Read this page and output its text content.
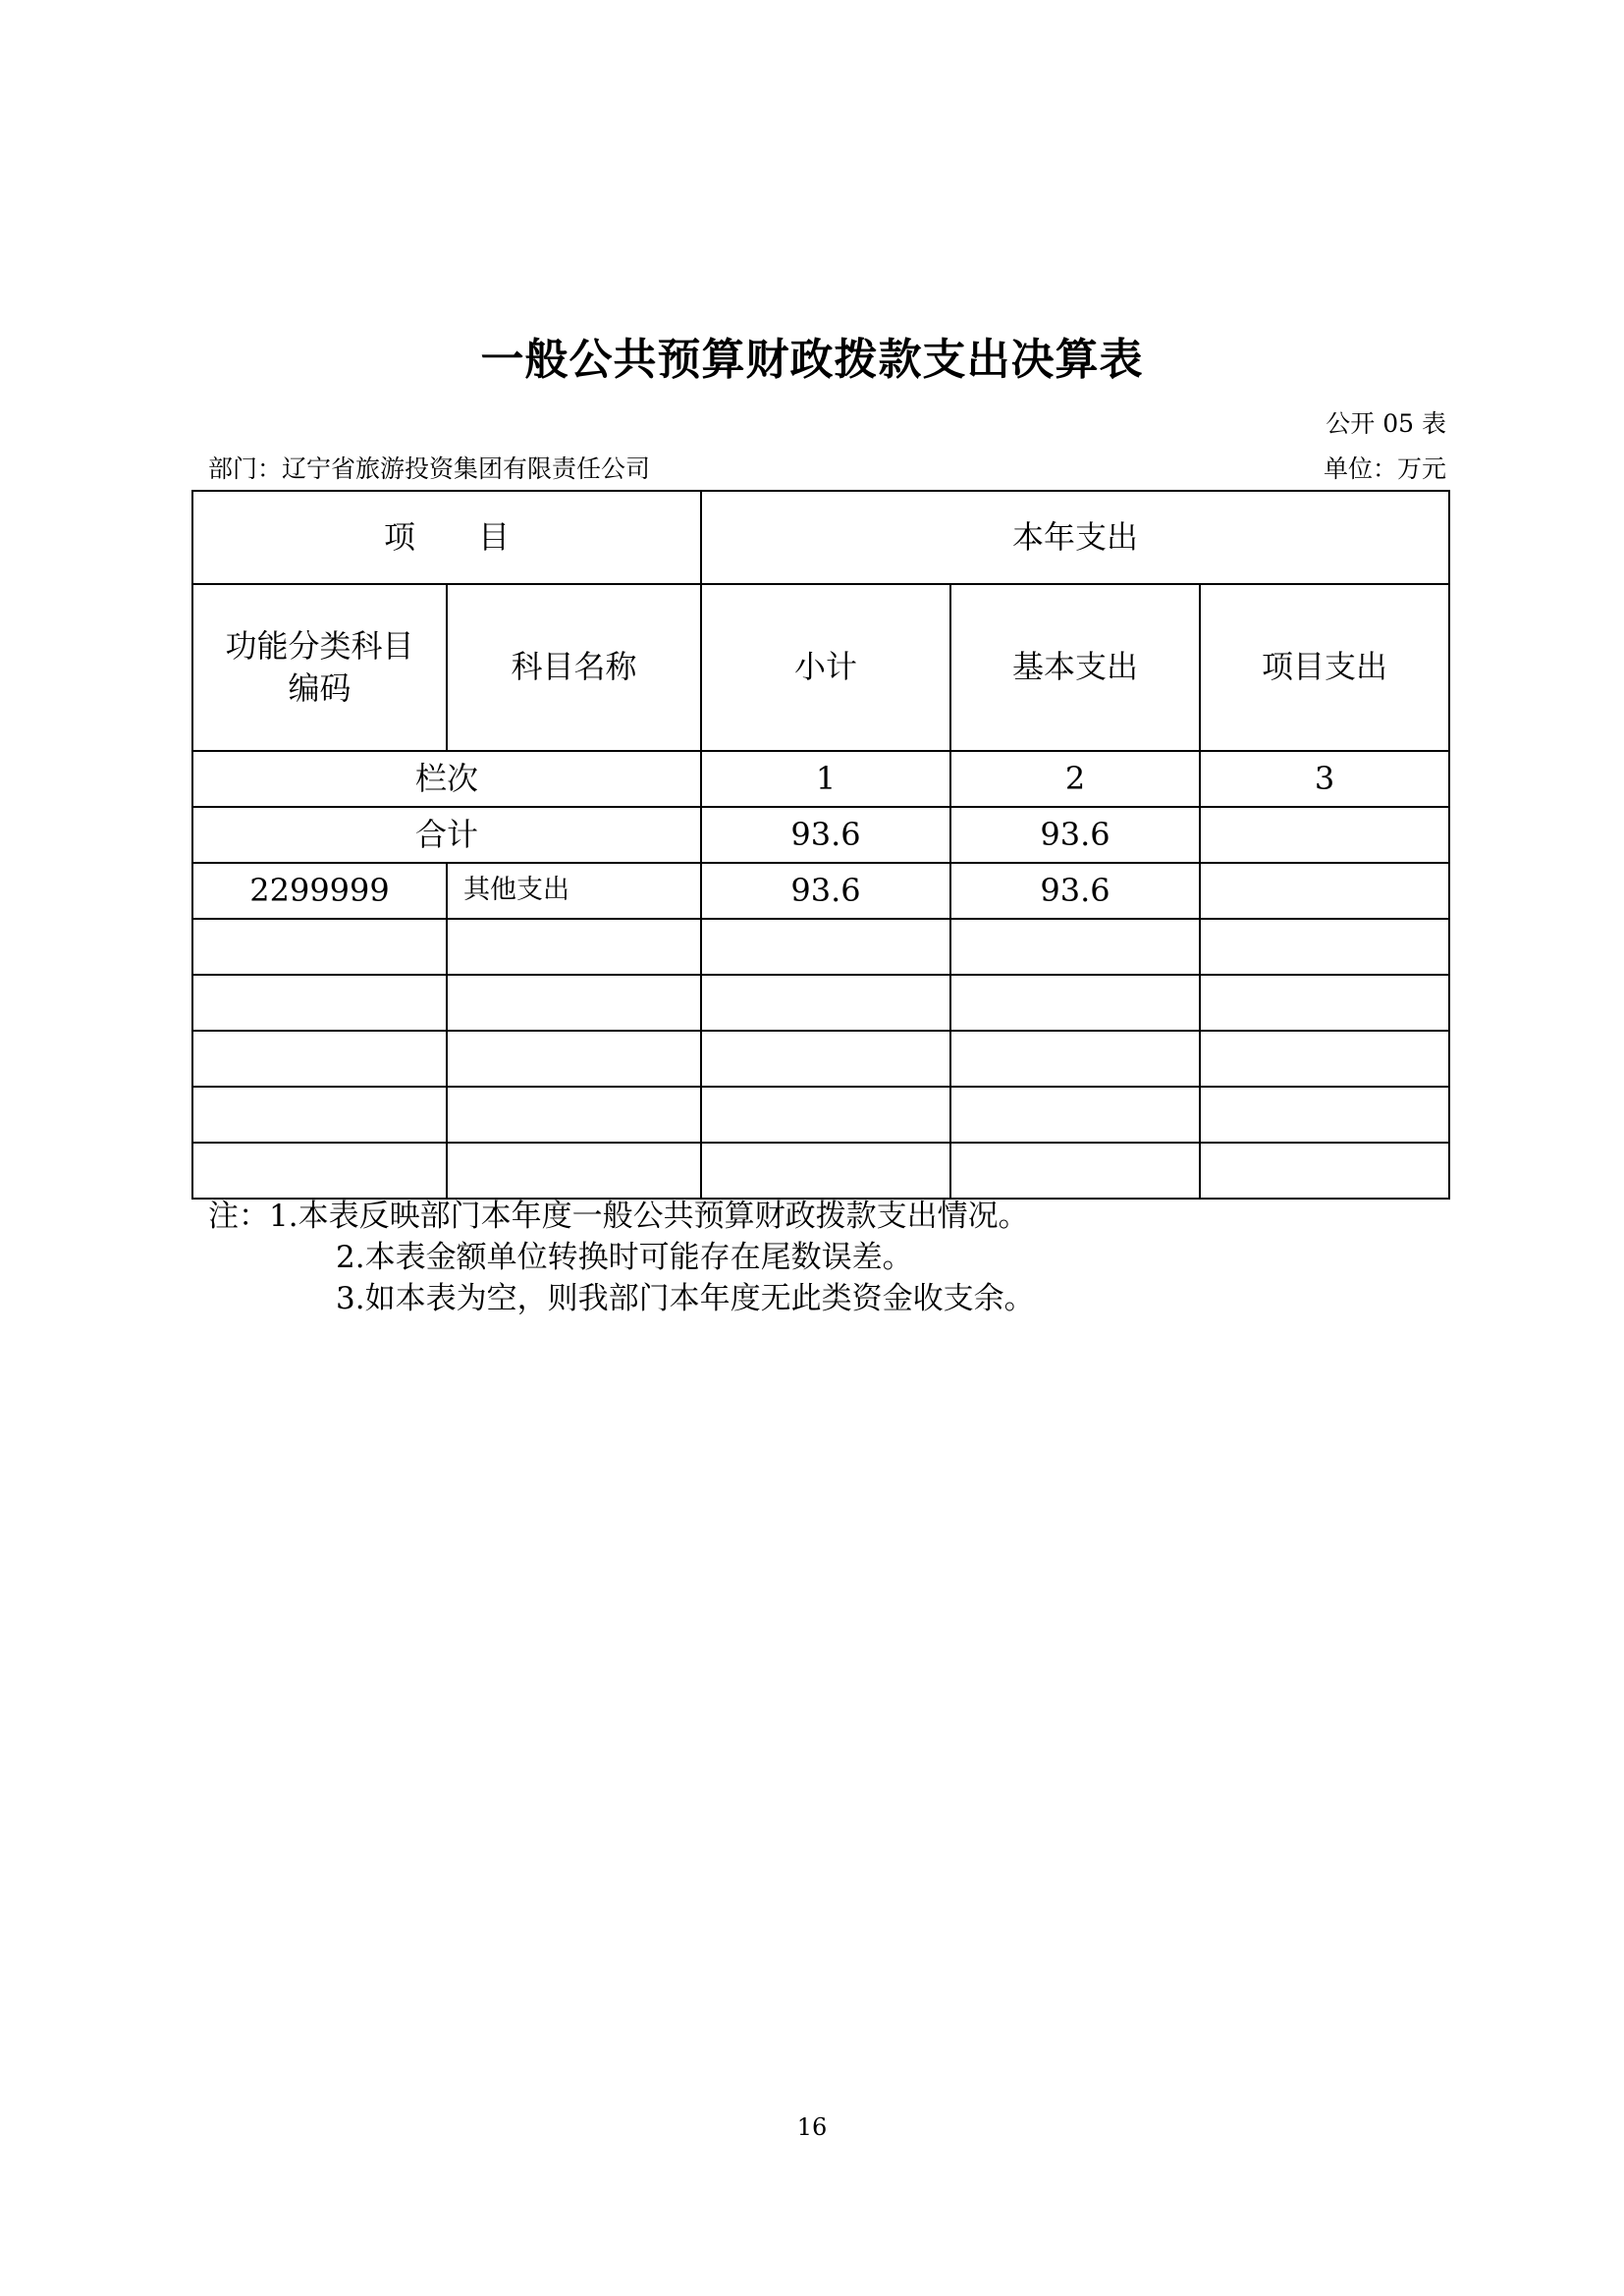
一般公共预算财政拨款支出决算表
公开 05 表
部门：辽宁省旅游投资集团有限责任公司	单位：万元
项　　目		本年支出		
功能分类科目编码	科目名称	小计	基本支出	项目支出
栏次		1	2	3
合计		93.6	93.6	
2299999	其他支出	93.6	93.6	

注：1.本表反映部门本年度一般公共预算财政拨款支出情况。
2.本表金额单位转换时可能存在尾数误差。
3.如本表为空，则我部门本年度无此类资金收支余。
16
